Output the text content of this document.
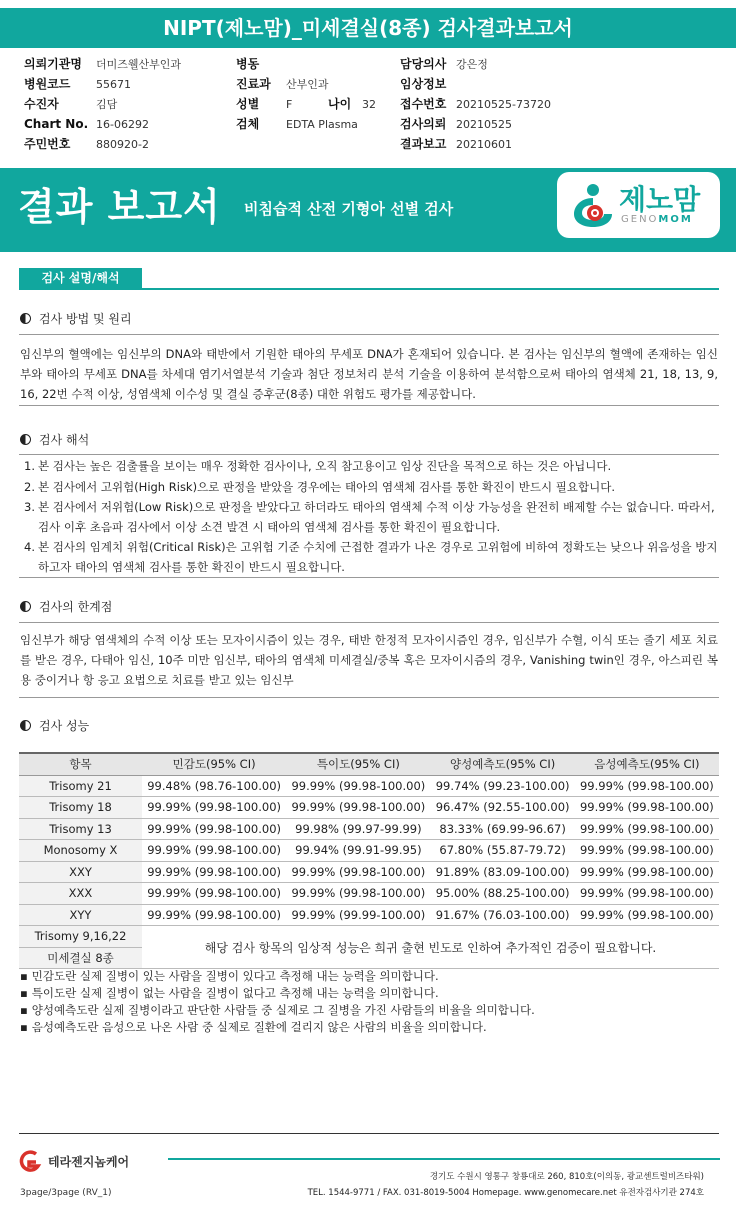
NIPT(제노맘)_미세결실(8종) 검사결과보고서
의뢰기관명 더미즈웰산부인과
병원코드 55671
수진자	김담
Chart No. 16-06292
주민번호 880920-2
병동
진료과 산부인과
성별 F	나이 32
검체 EDTA Plasma
담당의사 강은정
임상정보
접수번호 20210525-73720
검사의뢰 20210525
결과보고 20210601
결과 보고서 비침습적 산전 기형아 선별 검사	제노맘
GENOMOM
검사 설명/해석
검사 방법 및 원리
임신부의 혈액에는 임신부의 DNA와 태반에서 기원한 태아의 무세포 DNA가 혼재되어 있습니다. 본 검사는 임신부의 혈액에 존재하는 임신부와 태아의 무세포 DNA를 차세대 염기서열분석 기술과 첨단 정보처리 분석 기술을 이용하여 분석함으로써 태아의 염색체 21, 18, 13, 9, 16, 22번 수적 이상, 성염색체 이수성 및 결실 증후군(8종) 대한 위험도 평가를 제공합니다.
검사 해석
1. 본 검사는 높은 검출률을 보이는 매우 정확한 검사이나, 오직 참고용이고 임상 진단을 목적으로 하는 것은 아닙니다.
2. 본 검사에서 고위험(High Risk)으로 판정을 받았을 경우에는 태아의 염색체 검사를 통한 확진이 반드시 필요합니다.
3. 본 검사에서 저위험(Low Risk)으로 판정을 받았다고 하더라도 태아의 염색체 수적 이상 가능성을 완전히 배제할 수는 없습니다. 따라서, 검사 이후 초음파 검사에서 이상 소견 발견 시 태아의 염색체 검사를 통한 확진이 필요합니다.
4. 본 검사의 임계치 위험(Critical Risk)은 고위험 기준 수치에 근접한 결과가 나온 경우로 고위험에 비하여 정확도는 낮으나 위음성을 방지하고자 태아의 염색체 검사를 통한 확진이 반드시 필요합니다.
검사의 한계점
임신부가 해당 염색체의 수적 이상 또는 모자이시즘이 있는 경우, 태반 한정적 모자이시즘인 경우, 임신부가 수혈, 이식 또는 줄기 세포 치료를 받은 경우, 다태아 임신, 10주 미만 임신부, 태아의 염색체 미세결실/중복 혹은 모자이시즘의 경우, Vanishing twin인 경우, 아스피린 복용 중이거나 항 응고 요법으로 치료를 받고 있는 임신부
검사 성능
항목	민감도(95% CI)	특이도(95% CI)	양성예측도(95% CI)	음성예측도(95% CI)
Trisomy 21	99.48% (98.76-100.00)	99.99% (99.98-100.00)	99.74% (99.23-100.00)	99.99% (99.98-100.00)
Trisomy 18	99.99% (99.98-100.00)	99.99% (99.98-100.00)	96.47% (92.55-100.00)	99.99% (99.98-100.00)
Trisomy 13	99.99% (99.98-100.00)	99.98% (99.97-99.99)	83.33% (69.99-96.67)	99.99% (99.98-100.00)
Monosomy X	99.99% (99.98-100.00)	99.94% (99.91-99.95)	67.80% (55.87-79.72)	99.99% (99.98-100.00)
XXY	99.99% (99.98-100.00)	99.99% (99.98-100.00)	91.89% (83.09-100.00)	99.99% (99.98-100.00)
XXX	99.99% (99.98-100.00)	99.99% (99.98-100.00)	95.00% (88.25-100.00)	99.99% (99.98-100.00)
XYY	99.99% (99.98-100.00)	99.99% (99.99-100.00)	91.67% (76.03-100.00)	99.99% (99.98-100.00)
Trisomy 9,16,22	해당 검사 항목의 임상적 성능은 희귀 출현 빈도로 인하여 추가적인 검증이 필요합니다.			
미세결실 8종				
▪ 민감도란 실제 질병이 있는 사람을 질병이 있다고 측정해 내는 능력을 의미합니다.
▪ 특이도란 실제 질병이 없는 사람을 질병이 없다고 측정해 내는 능력을 의미합니다.
▪ 양성예측도란 실제 질병이라고 판단한 사람들 중 실제로 그 질병을 가진 사람들의 비율을 의미합니다.
▪ 음성예측도란 음성으로 나온 사람 중 실제로 질환에 걸리지 않은 사람의 비율을 의미합니다.
테라젠지놈케어
경기도 수원시 영통구 창룡대로 260, 810호(이의동, 광교센트럴비즈타워)
TEL. 1544-9771 / FAX. 031-8019-5004 Homepage. www.genomecare.net 유전자검사기관 274호
3page/3page (RV_1)
